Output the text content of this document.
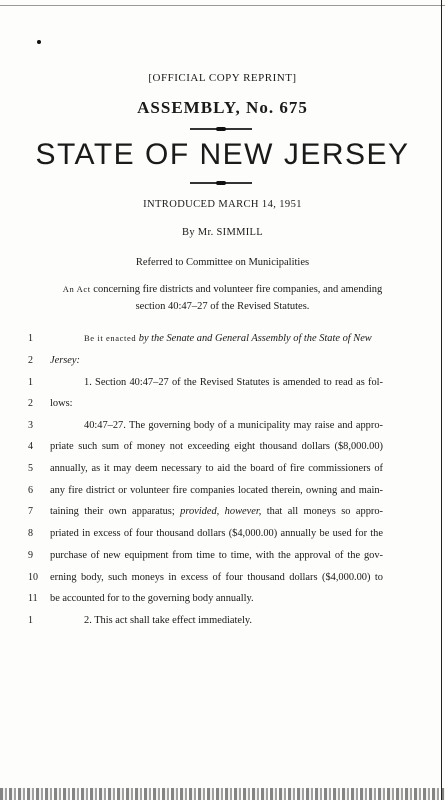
[OFFICIAL COPY REPRINT]
ASSEMBLY, No. 675
STATE OF NEW JERSEY
INTRODUCED MARCH 14, 1951
By Mr. SIMMILL
Referred to Committee on Municipalities
An Act concerning fire districts and volunteer fire companies, and amending
section 40:47–27 of the Revised Statutes.
1	Be it enacted by the Senate and General Assembly of the State of New
2	Jersey:
1	1. Section 40:47–27 of the Revised Statutes is amended to read as fol-
2	lows:
3	40:47–27. The governing body of a municipality may raise and appro-
4	priate such sum of money not exceeding eight thousand dollars ($8,000.00)
5	annually, as it may deem necessary to aid the board of fire commissioners of
6	any fire district or volunteer fire companies located therein, owning and main-
7	taining their own apparatus; provided, however, that all moneys so appro-
8	priated in excess of four thousand dollars ($4,000.00) annually be used for the
9	purchase of new equipment from time to time, with the approval of the gov-
10	erning body, such moneys in excess of four thousand dollars ($4,000.00) to
11	be accounted for to the governing body annually.
1	2. This act shall take effect immediately.
